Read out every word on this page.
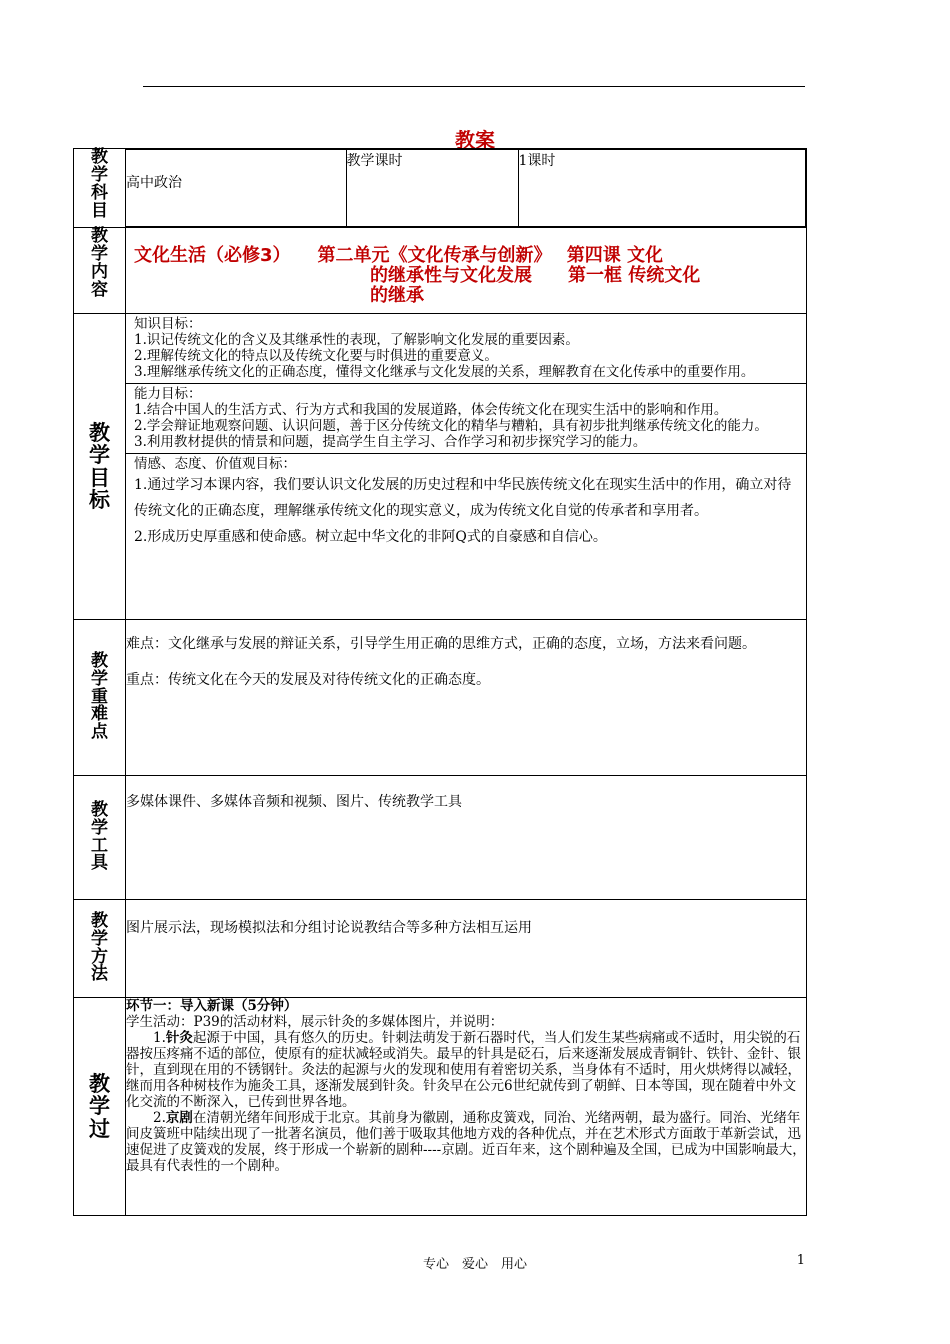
教案
教
学
科
目

高中政治	教学课时	1课时

教
学
内
容

文化生活（必修3）　　第二单元《文化传承与创新》　 第四课 文化
的继承性与文化发展　　第一框 传统文化
的继承

教
学
目
标

知识目标：
1.识记传统文化的含义及其继承性的表现，了解影响文化发展的重要因素。
2.理解传统文化的特点以及传统文化要与时俱进的重要意义。
3.理解继承传统文化的正确态度，懂得文化继承与文化发展的关系，理解教育在文化传承中的重要作用。
能力目标：
1.结合中国人的生活方式、行为方式和我国的发展道路，体会传统文化在现实生活中的影响和作用。
2.学会辩证地观察问题、认识问题，善于区分传统文化的精华与糟粕，具有初步批判继承传统文化的能力。
3.利用教材提供的情景和问题，提高学生自主学习、合作学习和初步探究学习的能力。
情感、态度、价值观目标：

1.通过学习本课内容，我们要认识文化发展的历史过程和中华民族传统文化在现实生活中的作用，确立对待传统文化的正确态度，理解继承传统文化的现实意义，成为传统文化自觉的传承者和享用者。

2.形成历史厚重感和使命感。树立起中华文化的非阿Q式的自豪感和自信心。

教
学
重
难
点

难点：文化继承与发展的辩证关系，引导学生用正确的思维方式，正确的态度，立场，方法来看问题。
重点：传统文化在今天的发展及对待传统文化的正确态度。

教
学
工
具

多媒体课件、多媒体音频和视频、图片、传统教学工具

教
学
方
法

图片展示法，现场模拟法和分组讨论说教结合等多种方法相互运用

教
学
过

环节一：导入新课（5分钟）

学生活动：P39的活动材料，展示针灸的多媒体图片，并说明：

1.针灸起源于中国，具有悠久的历史。针刺法萌发于新石器时代，当人们发生某些病痛或不适时，用尖锐的石器按压疼痛不适的部位，使原有的症状减轻或消失。最早的针具是砭石，后来逐渐发展成青铜针、铁针、金针、银针，直到现在用的不锈钢针。灸法的起源与火的发现和使用有着密切关系，当身体有不适时，用火烘烤得以减轻，继而用各种树枝作为施灸工具，逐渐发展到针灸。针灸早在公元6世纪就传到了朝鲜、日本等国，现在随着中外文化交流的不断深入，已传到世界各地。

2.京剧在清朝光绪年间形成于北京。其前身为徽剧，通称皮簧戏，同治、光绪两朝，最为盛行。同治、光绪年间皮簧班中陆续出现了一批著名演员，他们善于吸取其他地方戏的各种优点，并在艺术形式方面敢于革新尝试，迅速促进了皮簧戏的发展，终于形成一个崭新的剧种----京剧。近百年来，这个剧种遍及全国，已成为中国影响最大，最具有代表性的一个剧种。

专心　爱心　用心	1
